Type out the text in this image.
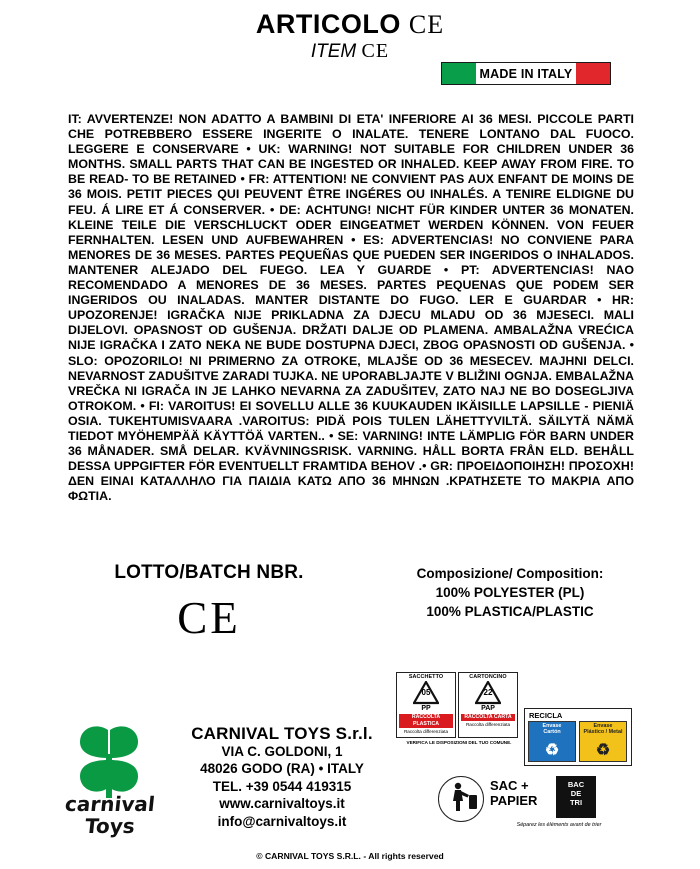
ARTICOLO CE
ITEM CE
MADE IN ITALY
IT: AVVERTENZE! NON ADATTO A BAMBINI DI ETA' INFERIORE AI 36 MESI. PICCOLE PARTI CHE POTREBBERO ESSERE INGERITE O INALATE. TENERE LONTANO DAL FUOCO. LEGGERE E CONSERVARE • UK: WARNING! NOT SUITABLE FOR CHILDREN UNDER 36 MONTHS. SMALL PARTS THAT CAN BE INGESTED OR INHALED. KEEP AWAY FROM FIRE. TO BE READ- TO BE RETAINED • FR: ATTENTION! NE CONVIENT PAS AUX ENFANT DE MOINS DE 36 MOIS. PETIT PIECES QUI PEUVENT ÊTRE INGÉRES OU INHALÉS. A TENIRE ELDIGNE DU FEU. Á LIRE ET Á CONSERVER. • DE: ACHTUNG! NICHT FÜR KINDER UNTER 36 MONATEN. KLEINE TEILE DIE VERSCHLUCKT ODER EINGEATMET WERDEN KÖNNEN. VON FEUER FERNHALTEN. LESEN UND AUFBEWAHREN • ES: ADVERTENCIAS! NO CONVIENE PARA MENORES DE 36 MESES. PARTES PEQUEÑAS QUE PUEDEN SER INGERIDOS O INHALADOS. MANTENER ALEJADO DEL FUEGO. LEA Y GUARDE • PT: ADVERTENCIAS! NAO RECOMENDADO A MENORES DE 36 MESES. PARTES PEQUENAS QUE PODEM SER INGERIDOS OU INALADAS. MANTER DISTANTE DO FUGO. LER E GUARDAR • HR: UPOZORENJE! IGRAČKA NIJE PRIKLADNA ZA DJECU MLADU OD 36 MJESECI. MALI DIJELOVI. OPASNOST OD GUŠENJA. DRŽATI DALJE OD PLAMENA. AMBALAŽNA VREĆICA NIJE IGRAČKA I ZATO NEKA NE BUDE DOSTUPNA DJECI, ZBOG OPASNOSTI OD GUŠENJA. • SLO: OPOZORILO! NI PRIMERNO ZA OTROKE, MLAJŠE OD 36 MESECEV. MAJHNI DELCI. NEVARNOST ZADUŠITVE ZARADI TUJKA. NE UPORABLJAJTE V BLIŽINI OGNJA. EMBALAŽNA VREČKA NI IGRAČA IN JE LAHKO NEVARNA ZA ZADUŠITEV, ZATO NAJ NE BO DOSEGLJIVA OTROKOM. • FI: VAROITUS! EI SOVELLU ALLE 36 KUUKAUDEN IKÄISILLE LAPSILLE - PIENIÄ OSIA. TUKEHTUMISVAARA .VAROITUS: PIDÄ POIS TULEN LÄHETTYVILTÄ. SÄILYTÄ NÄMÄ TIEDOT MYÖHEMPÄÄ KÄYTTÖÄ VARTEN.. • SE: VARNING! INTE LÄMPLIG FÖR BARN UNDER 36 MÅNADER. SMÅ DELAR. KVÄVNINGSRISK. VARNING. HÅLL BORTA FRÅN ELD. BEHÅLL DESSA UPPGIFTER FÖR EVENTUELLT FRAMTIDA BEHOV .• GR: ΠΡΟΕΙΔΟΠΟΙΗΣΗ! ΠΡΟΣΟΧΗ! ΔΕΝ ΕΙΝΑΙ ΚΑΤΑΛΛΗΛΟ ΓΙΑ ΠΑΙΔΙΑ ΚΑΤΩ ΑΠΟ 36 ΜΗΝΩΝ .ΚΡΑΤΗΣΕΤΕ ΤΟ ΜΑΚΡΙΑ ΑΠΟ ΦΩΤΙΑ.
LOTTO/BATCH NBR.
CE
Composizione/ Composition:
100% POLYESTER (PL)
100% PLASTICA/PLASTIC
carnival
Toys
CARNIVAL TOYS S.r.l.
VIA C. GOLDONI, 1
48026 GODO (RA) • ITALY
TEL. +39 0544 419315
www.carnivaltoys.it
info@carnivaltoys.it
SACCHETTO
05
PP
RACCOLTA PLASTICA
Raccolta differenziata
CARTONCINO
22
PAP
RACCOLTA CARTA
Raccolta differenziata
VERIFICA LE DISPOSIZIONI DEL TUO COMUNE.
RECICLA
Envase
Cartón
♻
Envase
Plástico / Metal
♻
SAC +
PAPIER
BAC
DE
TRI
Séparez les éléments avant de trier
© CARNIVAL TOYS S.R.L. - All rights reserved
